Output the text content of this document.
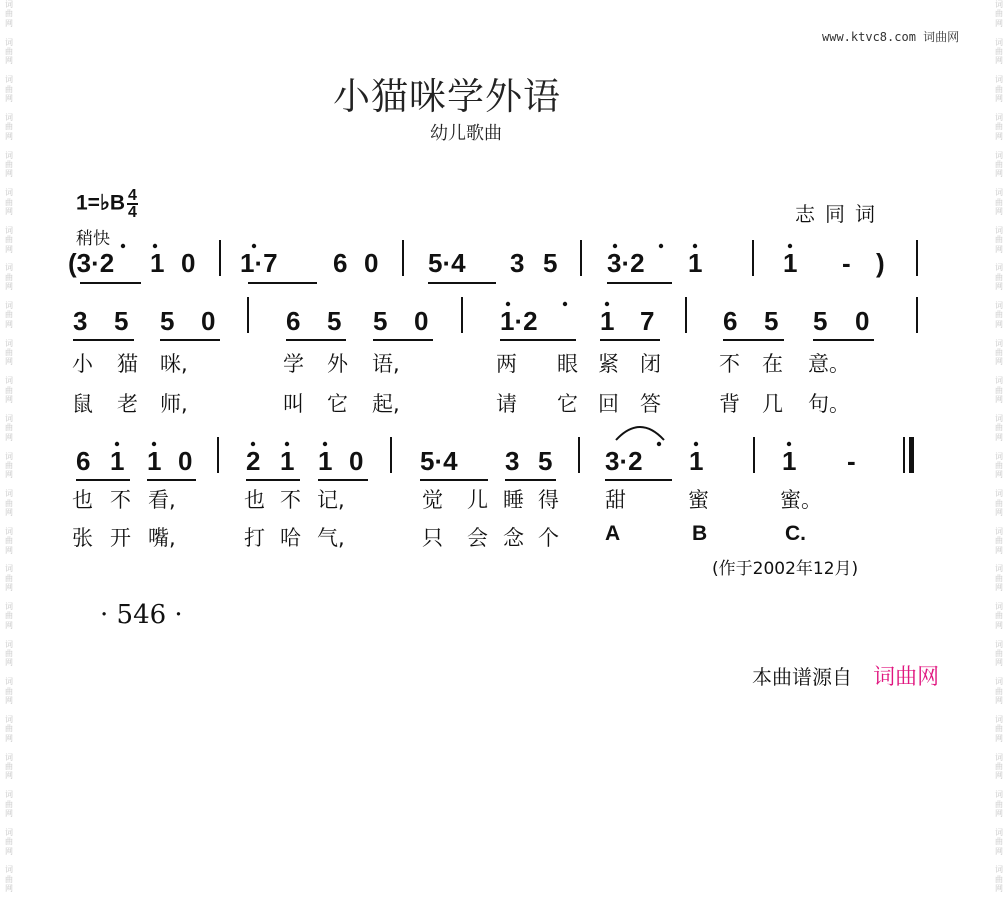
词
曲
网

词
曲
网

词
曲
网

词
曲
网

词
曲
网

词
曲
网

词
曲
网

词
曲
网

词
曲
网

词
曲
网

词
曲
网

词
曲
网

词
曲
网

词
曲
网

词
曲
网

词
曲
网

词
曲
网

词
曲
网

词
曲
网

词
曲
网

词
曲
网

词
曲
网

词
曲
网

词
曲
网

词
曲
网

词
曲
网

词
曲
网

词
曲
网

词
曲
网

词
曲
网

词
曲
网

词
曲
网

词
曲
网

词
曲
网

词
曲
网

词
曲
网

词
曲
网

词
曲
网

词
曲
网

词
曲
网

词
曲
网

词
曲
网

词
曲
网

词
曲
网

词
曲
网

词
曲
网

词
曲
网

词
曲
网

www.ktvc8.com 词曲网
小猫咪学外语
幼儿歌曲
1=♭B $\frac{4}{4}$
稍快
志同词
(3·2 1 0 1·7 6 0 5·4 3 5 3·2 1	1 - )
3 5 5 0	6 5 5 0	1·2 1 7	6 5 5 0
小 猫 咪,	学 外 语,	两 眼 紧 闭	不 在 意。
鼠 老 师,	叫 它 起,	请 它 回 答	背 几 句。
6 1 1 0 2 1 1 0 5·4 3 5 3·2 1	1 -
也 不 看,	也 不 记,	觉 儿 睡 得 甜	蜜	蜜。
张 开 嘴,	打 哈 气,	只 会 念 个 A	B	C.
(作于2002年12月)
· 546 ·
本曲谱源自 词曲网
